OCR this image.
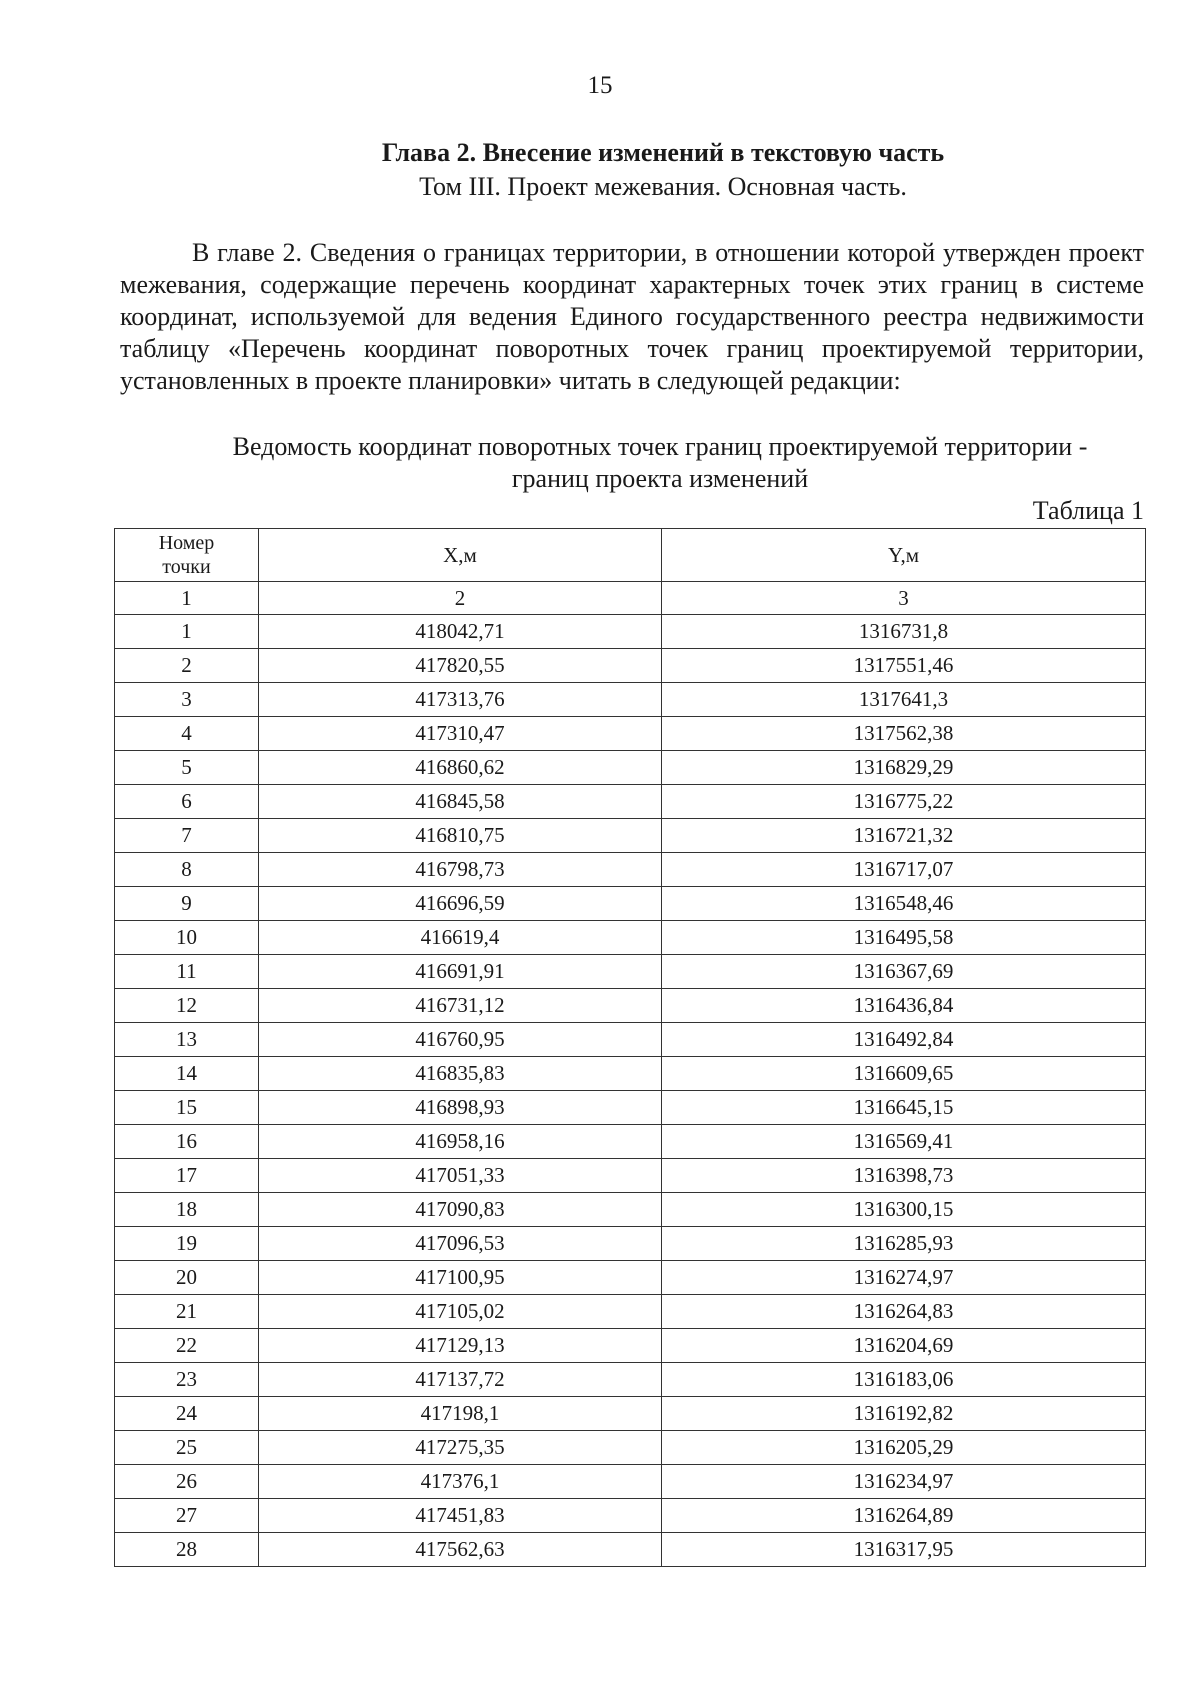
15
Глава 2. Внесение изменений в текстовую часть
Том III. Проект межевания. Основная часть.

В главе 2. Сведения о границах территории, в отношении которой утвержден проект межевания, содержащие перечень координат характерных точек этих границ в системе координат, используемой для ведения Единого государственного реестра недвижимости таблицу «Перечень координат поворотных точек границ проектируемой территории, установленных в проекте планировки» читать в следующей редакции:

Ведомость координат поворотных точек границ проектируемой территории -
границ проекта изменений
Таблица 1
Номер
точки	X,м	Y,м
1	2	3
1	418042,71	1316731,8
2	417820,55	1317551,46
3	417313,76	1317641,3
4	417310,47	1317562,38
5	416860,62	1316829,29
6	416845,58	1316775,22
7	416810,75	1316721,32
8	416798,73	1316717,07
9	416696,59	1316548,46
10	416619,4	1316495,58
11	416691,91	1316367,69
12	416731,12	1316436,84
13	416760,95	1316492,84
14	416835,83	1316609,65
15	416898,93	1316645,15
16	416958,16	1316569,41
17	417051,33	1316398,73
18	417090,83	1316300,15
19	417096,53	1316285,93
20	417100,95	1316274,97
21	417105,02	1316264,83
22	417129,13	1316204,69
23	417137,72	1316183,06
24	417198,1	1316192,82
25	417275,35	1316205,29
26	417376,1	1316234,97
27	417451,83	1316264,89
28	417562,63	1316317,95
